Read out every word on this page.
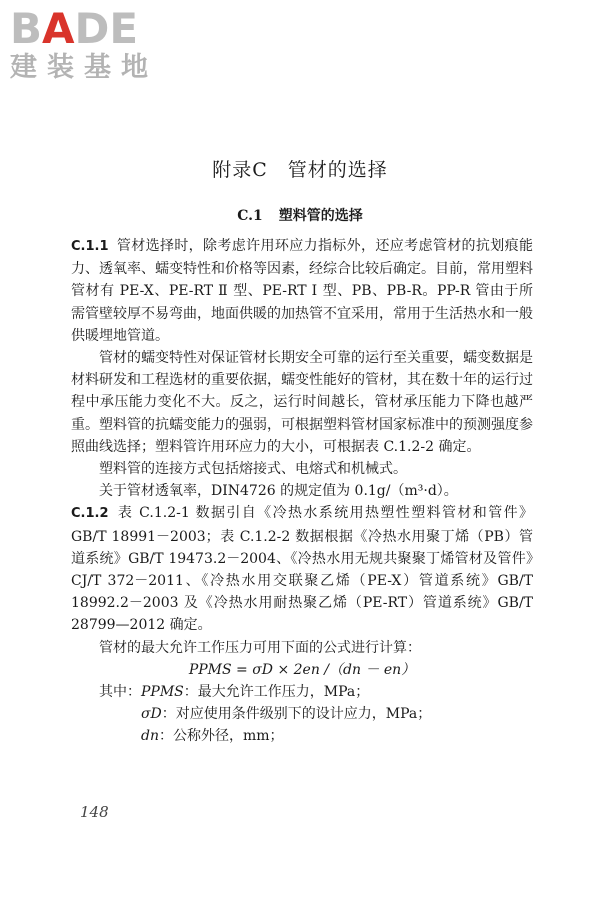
BADE
建装基地
附录C　管材的选择
C.1 塑料管的选择

C.1.1 管材选择时，除考虑许用环应力指标外，还应考虑管材的抗划痕能力、透氧率、蠕变特性和价格等因素，经综合比较后确定。目前，常用塑料管材有 PE-X、PE-RT Ⅱ 型、PE-RT Ⅰ 型、PB、PB-R。PP-R 管由于所需管壁较厚不易弯曲，地面供暖的加热管不宜采用，常用于生活热水和一般供暖埋地管道。

管材的蠕变特性对保证管材长期安全可靠的运行至关重要，蠕变数据是材料研发和工程选材的重要依据，蠕变性能好的管材，其在数十年的运行过程中承压能力变化不大。反之，运行时间越长，管材承压能力下降也越严重。塑料管的抗蠕变能力的强弱，可根据塑料管材国家标准中的预测强度参照曲线选择；塑料管许用环应力的大小，可根据表 C.1.2-2 确定。

塑料管的连接方式包括熔接式、电熔式和机械式。

关于管材透氧率，DIN4726 的规定值为 0.1g/（m³·d）。

C.1.2 表 C.1.2-1 数据引自《冷热水系统用热塑性塑料管材和管件》GB/T 18991－2003；表 C.1.2-2 数据根据《冷热水用聚丁烯（PB）管道系统》GB/T 19473.2－2004、《冷热水用无规共聚聚丁烯管材及管件》CJ/T 372－2011、《冷热水用交联聚乙烯（PE-X）管道系统》GB/T 18992.2－2003 及《冷热水用耐热聚乙烯（PE-RT）管道系统》GB/T 28799—2012 确定。

管材的最大允许工作压力可用下面的公式进行计算：

PPMS = σD × 2en /（dn － en）

其中：PPMS：最大允许工作压力，MPa；

σD：对应使用条件级别下的设计应力，MPa；

dn：公称外径，mm；

148
